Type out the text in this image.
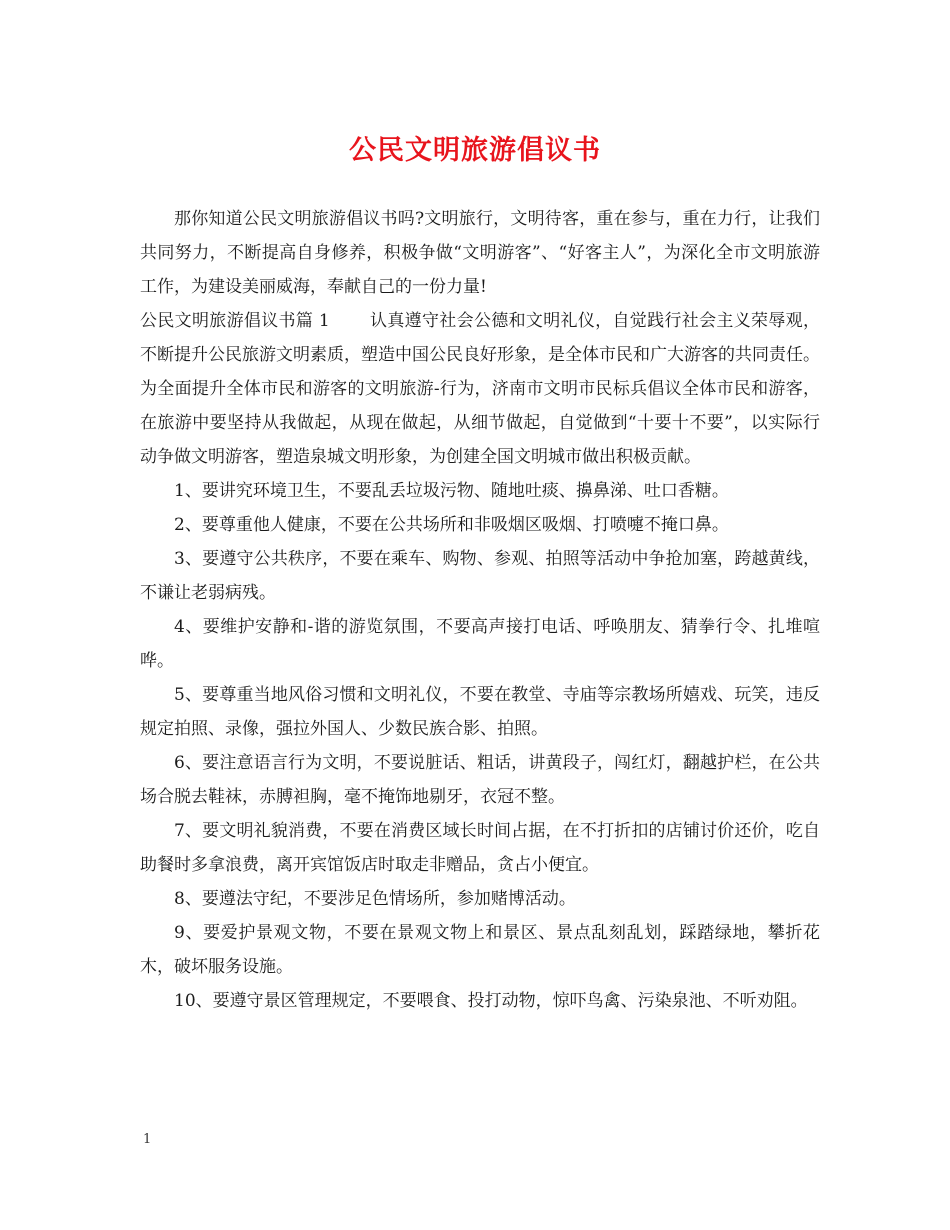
公民文明旅游倡议书

那你知道公民文明旅游倡议书吗?文明旅行，文明待客，重在参与，重在力行，让我们共同努力，不断提高自身修养，积极争做“文明游客”、“好客主人”，为深化全市文明旅游工作，为建设美丽威海，奉献自己的一份力量!

公民文明旅游倡议书篇 1 认真遵守社会公德和文明礼仪，自觉践行社会主义荣辱观，不断提升公民旅游文明素质，塑造中国公民良好形象，是全体市民和广大游客的共同责任。为全面提升全体市民和游客的文明旅游-行为，济南市文明市民标兵倡议全体市民和游客，在旅游中要坚持从我做起，从现在做起，从细节做起，自觉做到“十要十不要”，以实际行动争做文明游客，塑造泉城文明形象，为创建全国文明城市做出积极贡献。

1、要讲究环境卫生，不要乱丢垃圾污物、随地吐痰、擤鼻涕、吐口香糖。

2、要尊重他人健康，不要在公共场所和非吸烟区吸烟、打喷嚏不掩口鼻。

3、要遵守公共秩序，不要在乘车、购物、参观、拍照等活动中争抢加塞，跨越黄线，不谦让老弱病残。

4、要维护安静和-谐的游览氛围，不要高声接打电话、呼唤朋友、猜拳行令、扎堆喧哗。

5、要尊重当地风俗习惯和文明礼仪，不要在教堂、寺庙等宗教场所嬉戏、玩笑，违反规定拍照、录像，强拉外国人、少数民族合影、拍照。

6、要注意语言行为文明，不要说脏话、粗话，讲黄段子，闯红灯，翻越护栏，在公共场合脱去鞋袜，赤膊袒胸，毫不掩饰地剔牙，衣冠不整。

7、要文明礼貌消费，不要在消费区域长时间占据，在不打折扣的店铺讨价还价，吃自助餐时多拿浪费，离开宾馆饭店时取走非赠品，贪占小便宜。

8、要遵法守纪，不要涉足色情场所，参加赌博活动。

9、要爱护景观文物，不要在景观文物上和景区、景点乱刻乱划，踩踏绿地，攀折花木，破坏服务设施。

10、要遵守景区管理规定，不要喂食、投打动物，惊吓鸟禽、污染泉池、不听劝阻。

1
